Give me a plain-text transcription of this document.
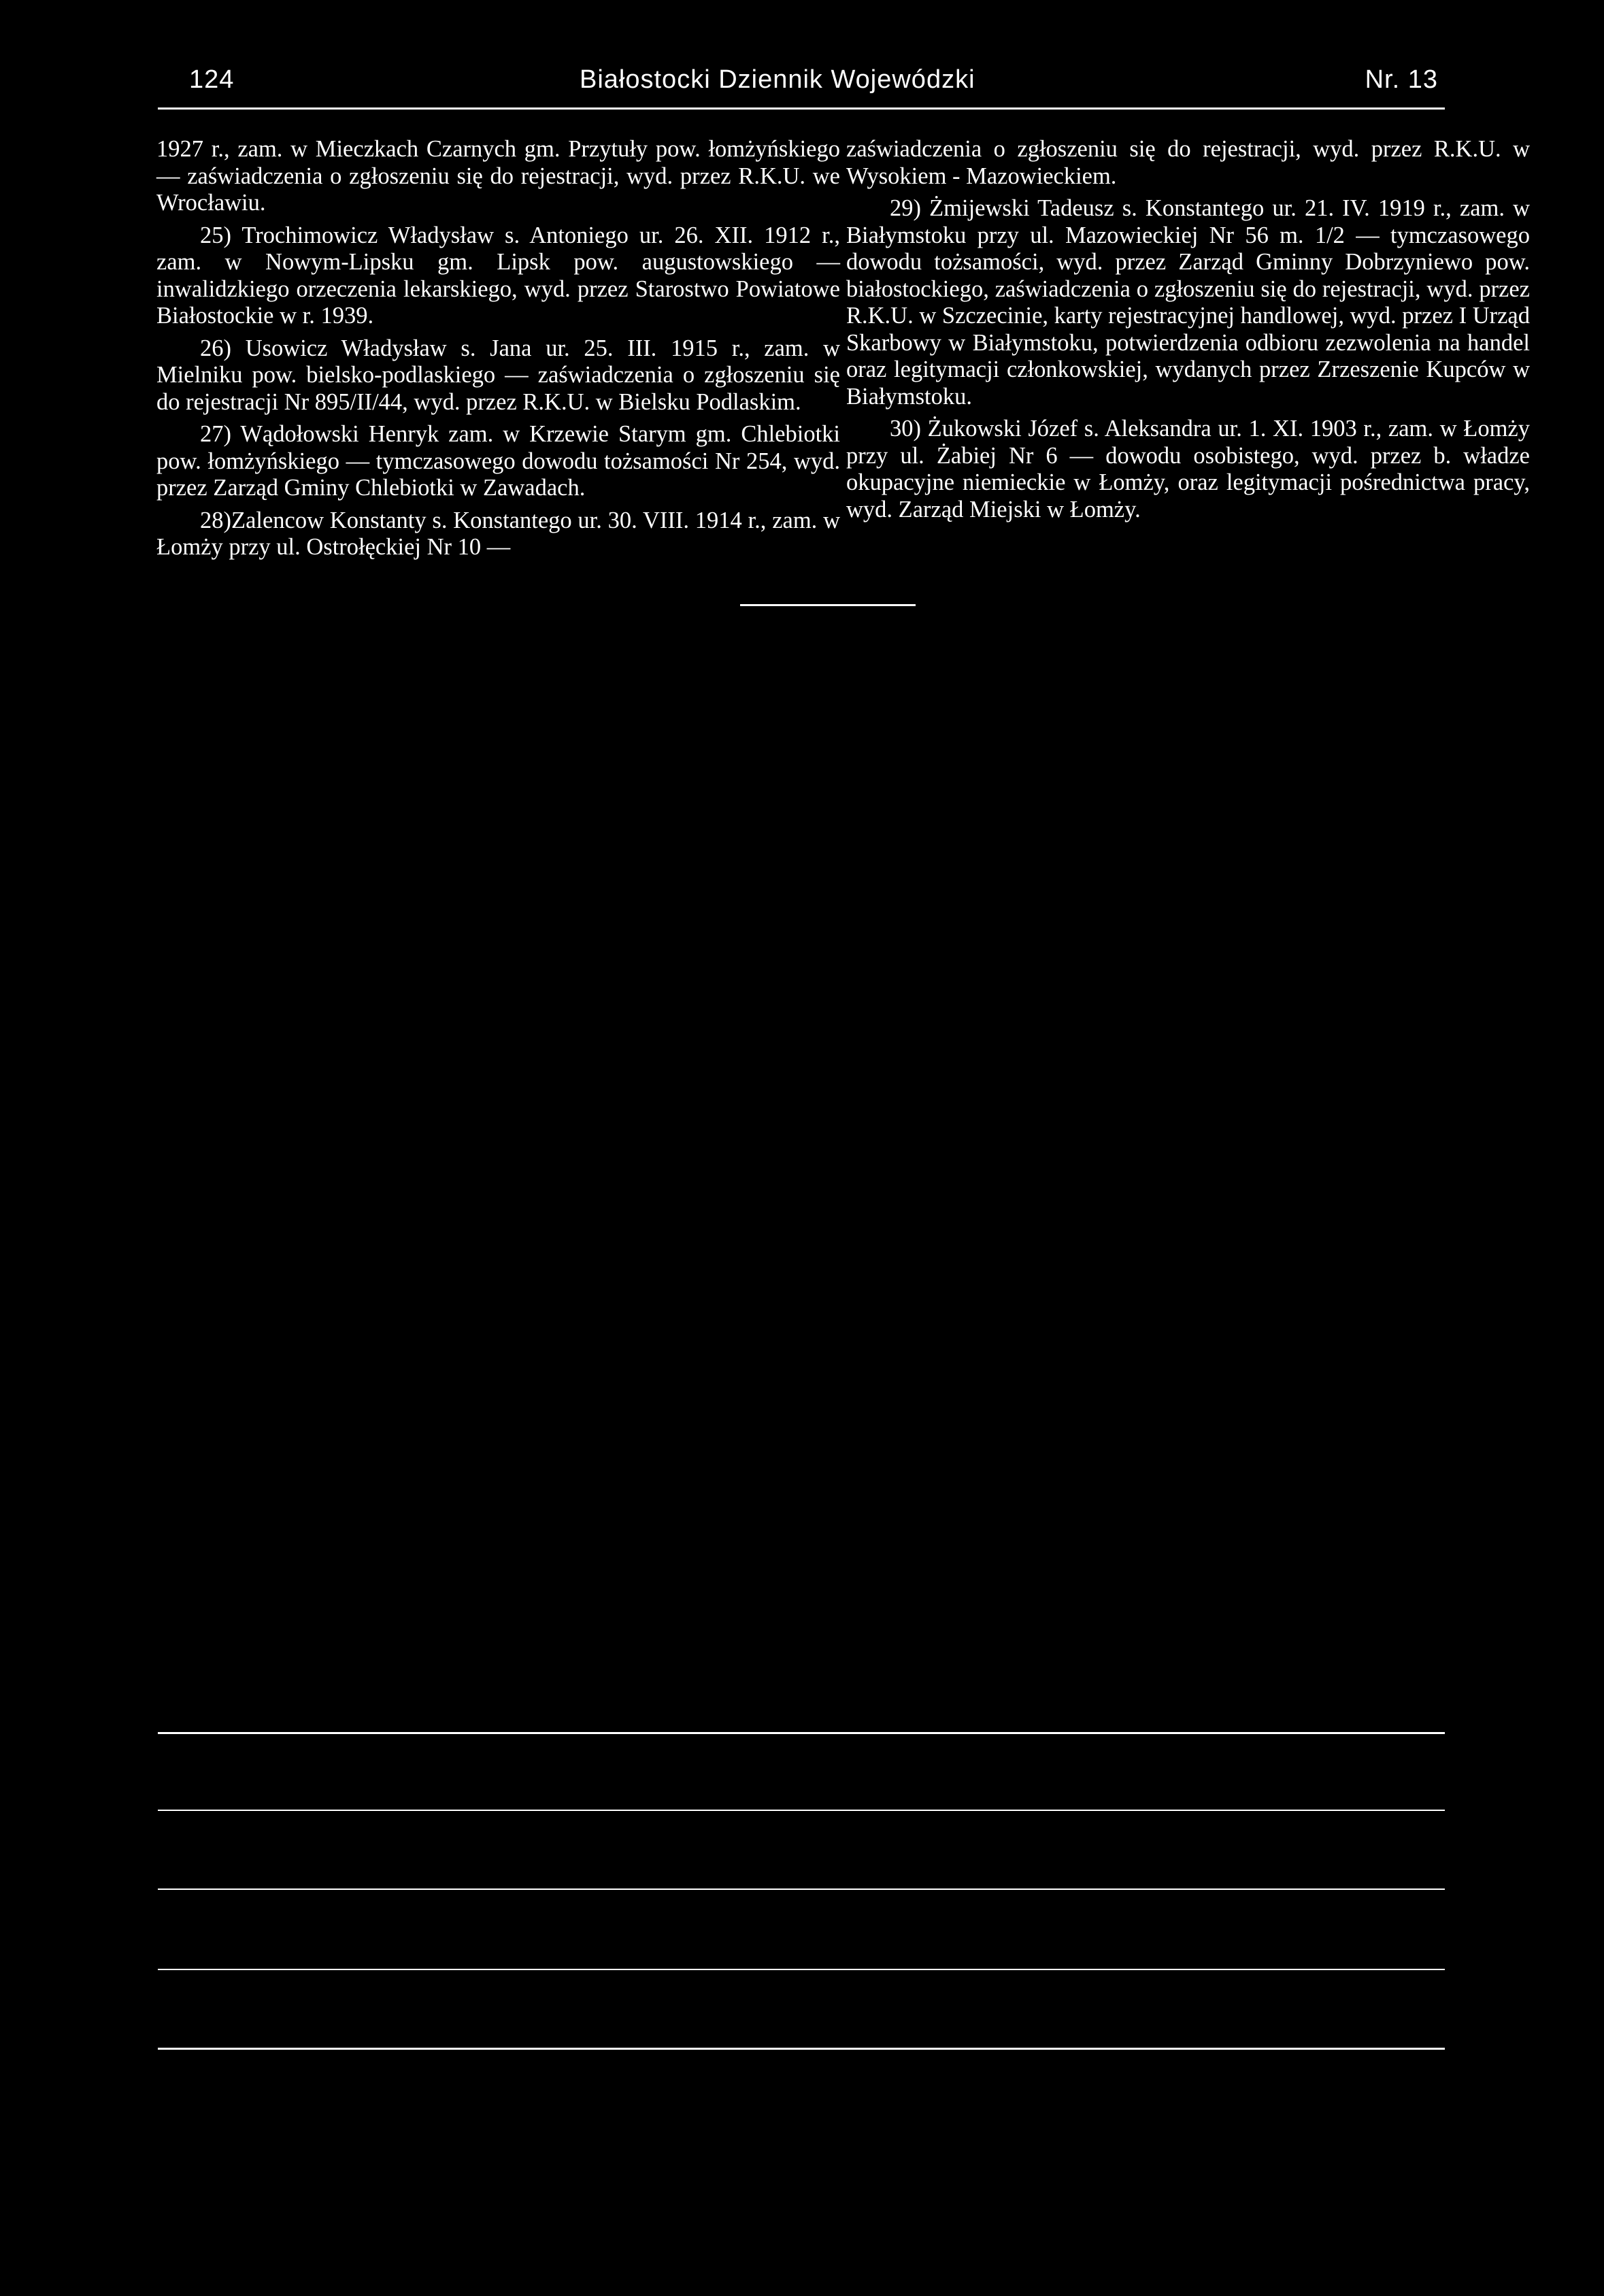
124	Białostocki Dziennik Wojewódzki	Nr. 13

1927 r., zam. w Mieczkach Czarnych gm. Przytuły pow. łomżyńskiego — zaświadczenia o zgłoszeniu się do rejestracji, wyd. przez R.K.U. we Wrocławiu.

25) Trochimowicz Władysław s. Antoniego ur. 26. XII. 1912 r., zam. w Nowym-Lipsku gm. Lipsk pow. augustowskiego — inwalidzkiego orzeczenia lekarskiego, wyd. przez Starostwo Powiatowe Białostockie w r. 1939.

26) Usowicz Władysław s. Jana ur. 25. III. 1915 r., zam. w Mielniku pow. bielsko-podlaskiego — zaświadczenia o zgłoszeniu się do rejestracji Nr 895/II/44, wyd. przez R.K.U. w Bielsku Podlaskim.

27) Wądołowski Henryk zam. w Krzewie Starym gm. Chlebiotki pow. łomżyńskiego — tymczasowego dowodu tożsamości Nr 254, wyd. przez Zarząd Gminy Chlebiotki w Zawadach.

28)Zalencow Konstanty s. Konstantego ur. 30. VIII. 1914 r., zam. w Łomży przy ul. Ostrołęckiej Nr 10 —

zaświadczenia o zgłoszeniu się do rejestracji, wyd. przez R.K.U. w Wysokiem - Mazowieckiem.

29) Żmijewski Tadeusz s. Konstantego ur. 21. IV. 1919 r., zam. w Białymstoku przy ul. Mazowieckiej Nr 56 m. 1/2 — tymczasowego dowodu tożsamości, wyd. przez Zarząd Gminny Dobrzyniewo pow. białostockiego, zaświadczenia o zgłoszeniu się do rejestracji, wyd. przez R.K.U. w Szczecinie, karty rejestracyjnej handlowej, wyd. przez I Urząd Skarbowy w Białymstoku, potwierdzenia odbioru zezwolenia na handel oraz legitymacji członkowskiej, wydanych przez Zrzeszenie Kupców w Białymstoku.

30) Żukowski Józef s. Aleksandra ur. 1. XI. 1903 r., zam. w Łomży przy ul. Żabiej Nr 6 — dowodu osobistego, wyd. przez b. władze okupacyjne niemieckie w Łomży, oraz legitymacji pośrednictwa pracy, wyd. Zarząd Miejski w Łomży.
